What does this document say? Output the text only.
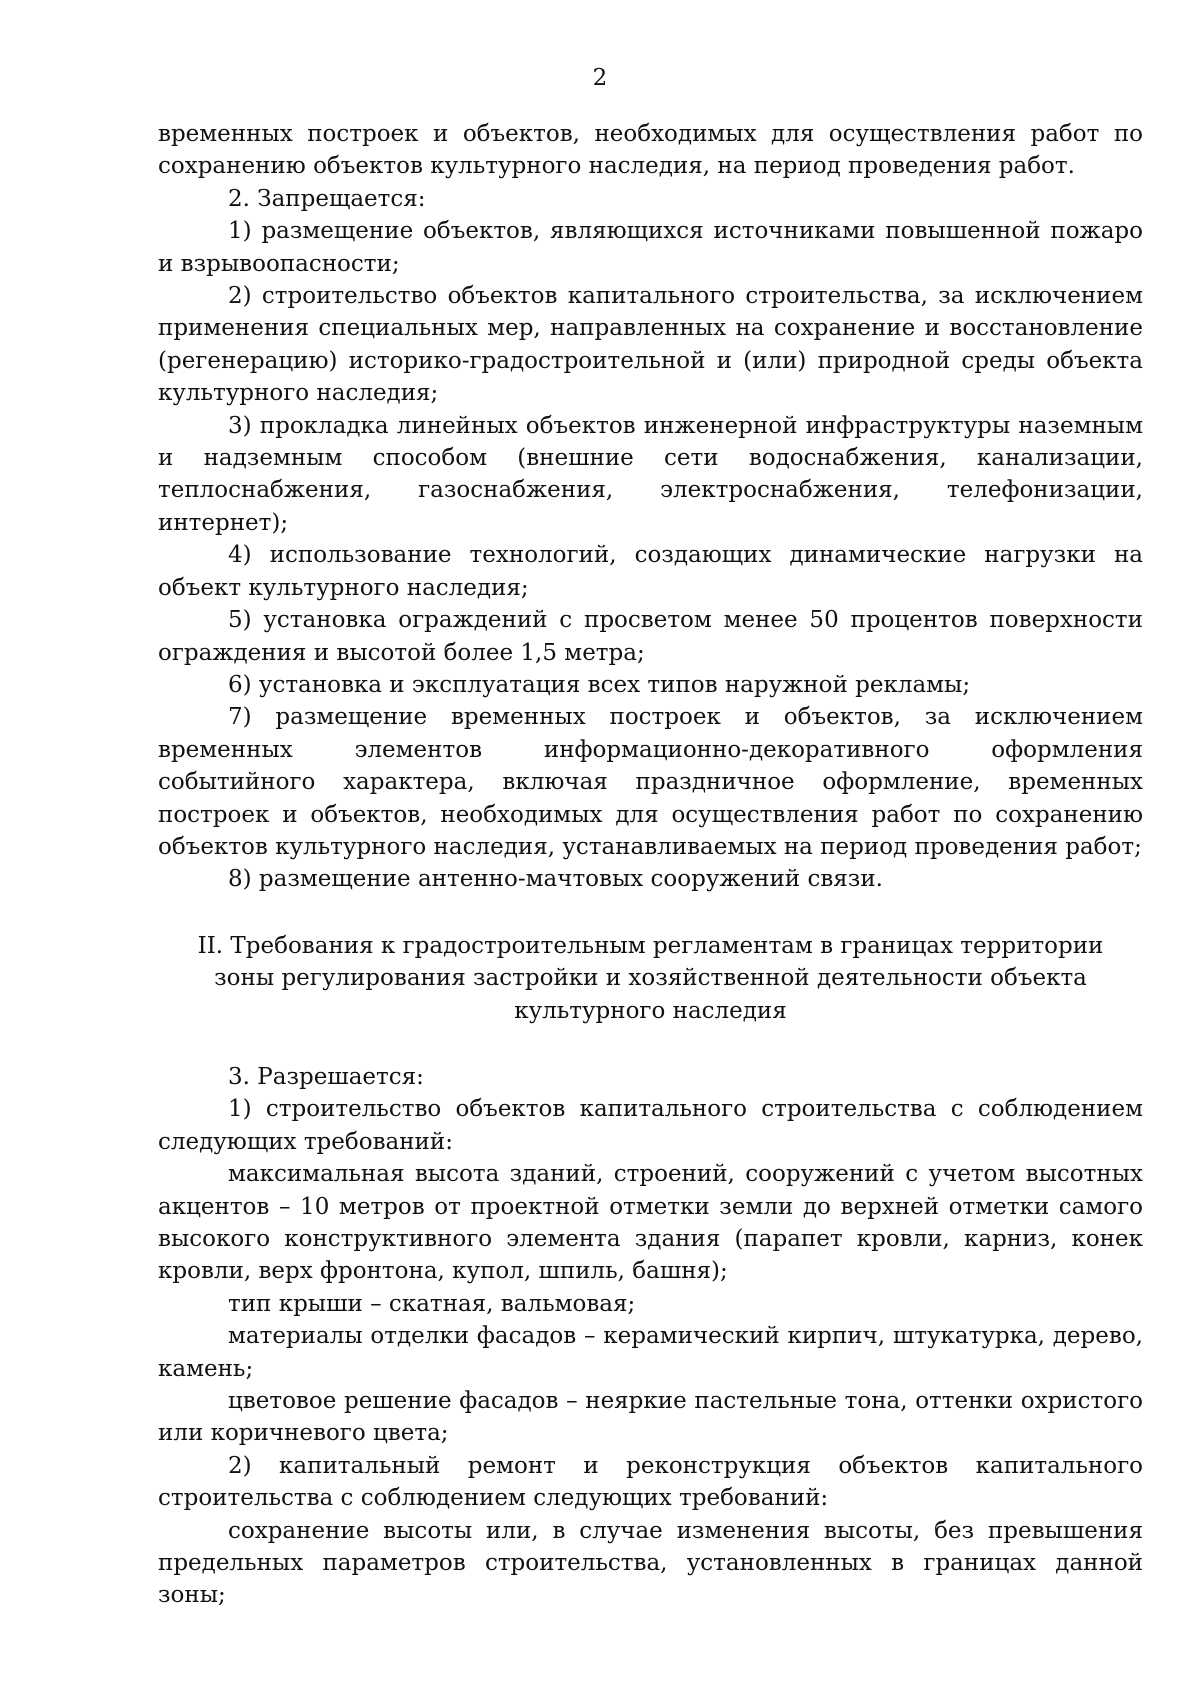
2

временных построек и объектов, необходимых для осуществления работ по сохранению объектов культурного наследия, на период проведения работ.

2. Запрещается:

1) размещение объектов, являющихся источниками повышенной пожаро и взрывоопасности;

2) строительство объектов капитального строительства, за исключением применения специальных мер, направленных на сохранение и восстановление (регенерацию) историко-градостроительной и (или) природной среды объекта культурного наследия;

3) прокладка линейных объектов инженерной инфраструктуры наземным и надземным способом (внешние сети водоснабжения, канализации, теплоснабжения, газоснабжения, электроснабжения, телефонизации, интернет);

4) использование технологий, создающих динамические нагрузки на объект культурного наследия;

5) установка ограждений с просветом менее 50 процентов поверхности ограждения и высотой более 1,5 метра;

6) установка и эксплуатация всех типов наружной рекламы;

7) размещение временных построек и объектов, за исключением временных элементов информационно-декоративного оформления событийного характера, включая праздничное оформление, временных построек и объектов, необходимых для осуществления работ по сохранению объектов культурного наследия, устанавливаемых на период проведения работ;

8) размещение антенно-мачтовых сооружений связи.

II. Требования к градостроительным регламентам в границах территории
зоны регулирования застройки и хозяйственной деятельности объекта
культурного наследия

3. Разрешается:

1) строительство объектов капитального строительства с соблюдением следующих требований:

максимальная высота зданий, строений, сооружений с учетом высотных акцентов – 10 метров от проектной отметки земли до верхней отметки самого высокого конструктивного элемента здания (парапет кровли, карниз, конек кровли, верх фронтона, купол, шпиль, башня);

тип крыши – скатная, вальмовая;

материалы отделки фасадов – керамический кирпич, штукатурка, дерево, камень;

цветовое решение фасадов – неяркие пастельные тона, оттенки охристого или коричневого цвета;

2) капитальный ремонт и реконструкция объектов капитального строительства с соблюдением следующих требований:

сохранение высоты или, в случае изменения высоты, без превышения предельных параметров строительства, установленных в границах данной зоны;
